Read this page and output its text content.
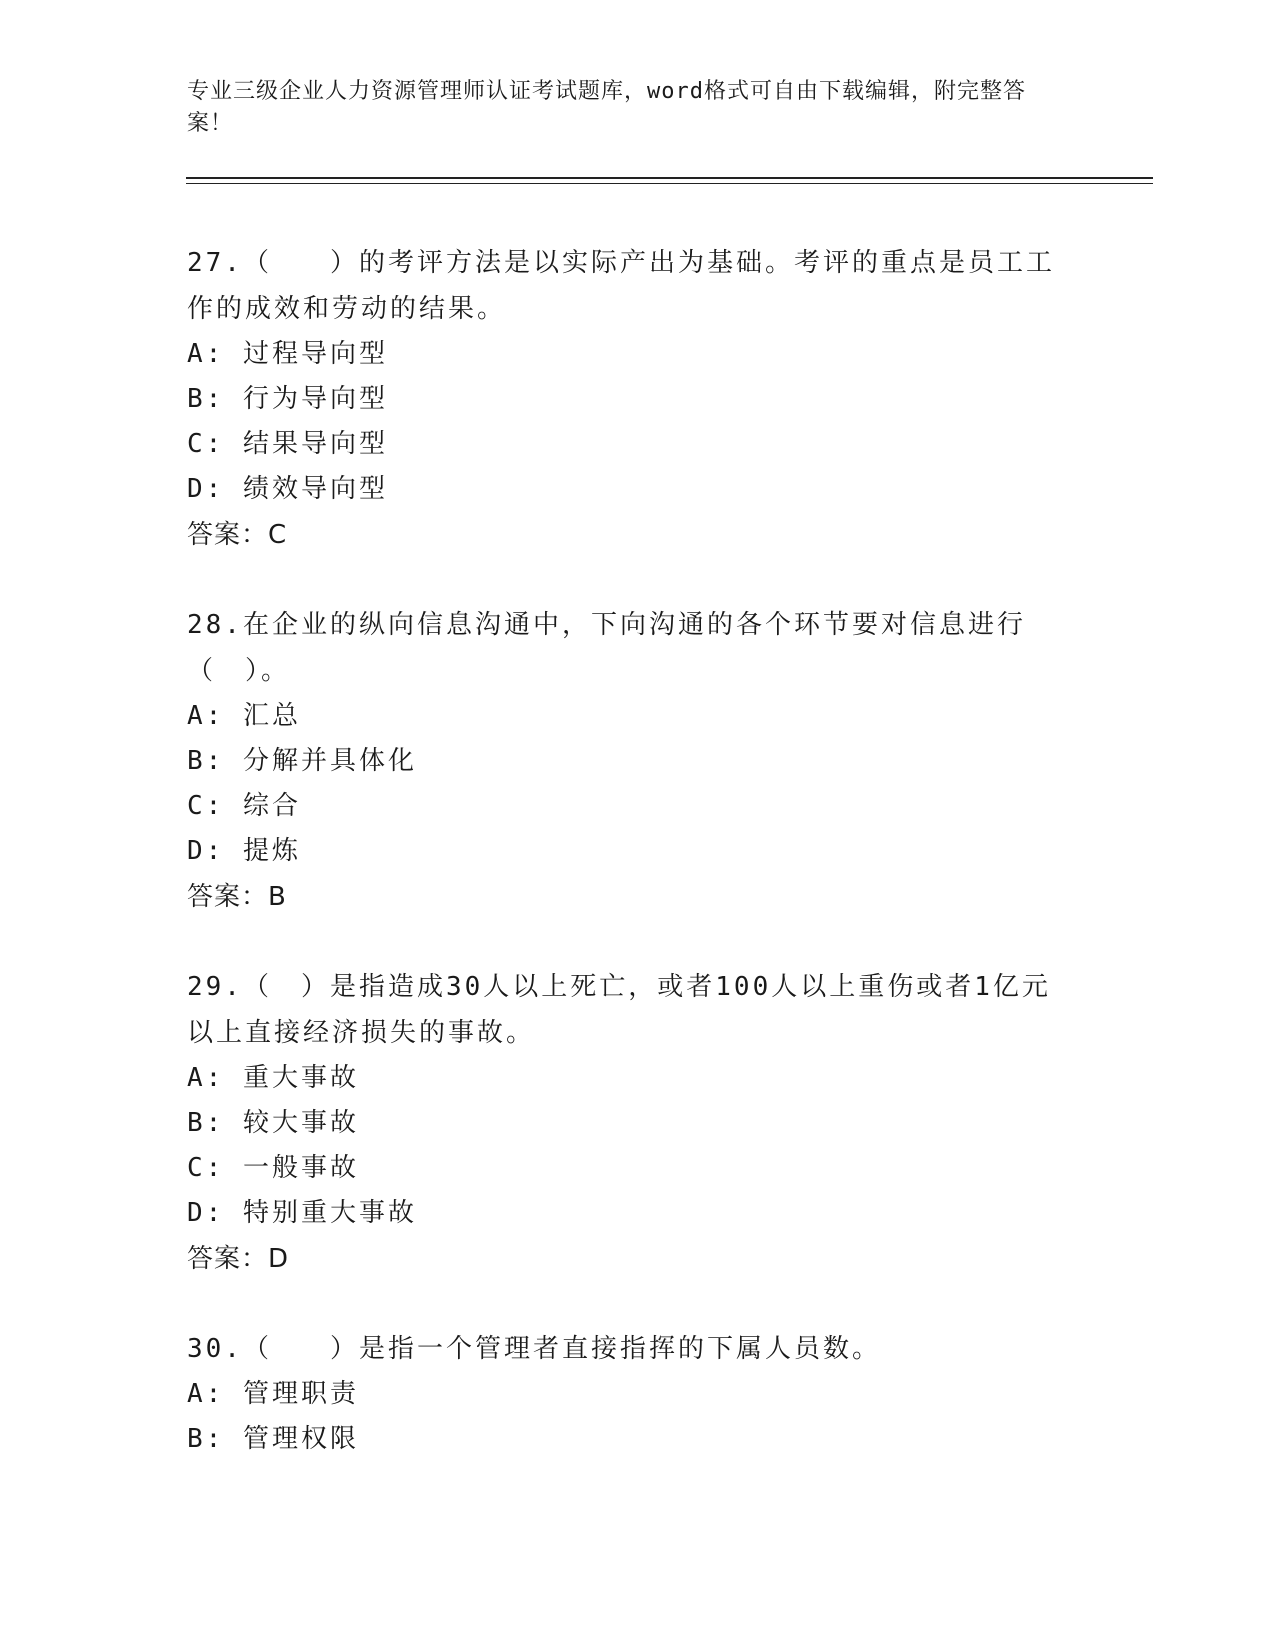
专业三级企业人力资源管理师认证考试题库，word格式可自由下载编辑，附完整答案！

27.（　　）的考评方法是以实际产出为基础。考评的重点是员工工作的成效和劳动的结果。

A: 过程导向型
B: 行为导向型
C: 结果导向型
D: 绩效导向型
答案：C

28.在企业的纵向信息沟通中，下向沟通的各个环节要对信息进行（　）。

A: 汇总
B: 分解并具体化
C: 综合
D: 提炼
答案：B

29.（　）是指造成30人以上死亡，或者100人以上重伤或者1亿元以上直接经济损失的事故。

A: 重大事故
B: 较大事故
C: 一般事故
D: 特别重大事故
答案：D

30.（　　）是指一个管理者直接指挥的下属人员数。

A: 管理职责
B: 管理权限
